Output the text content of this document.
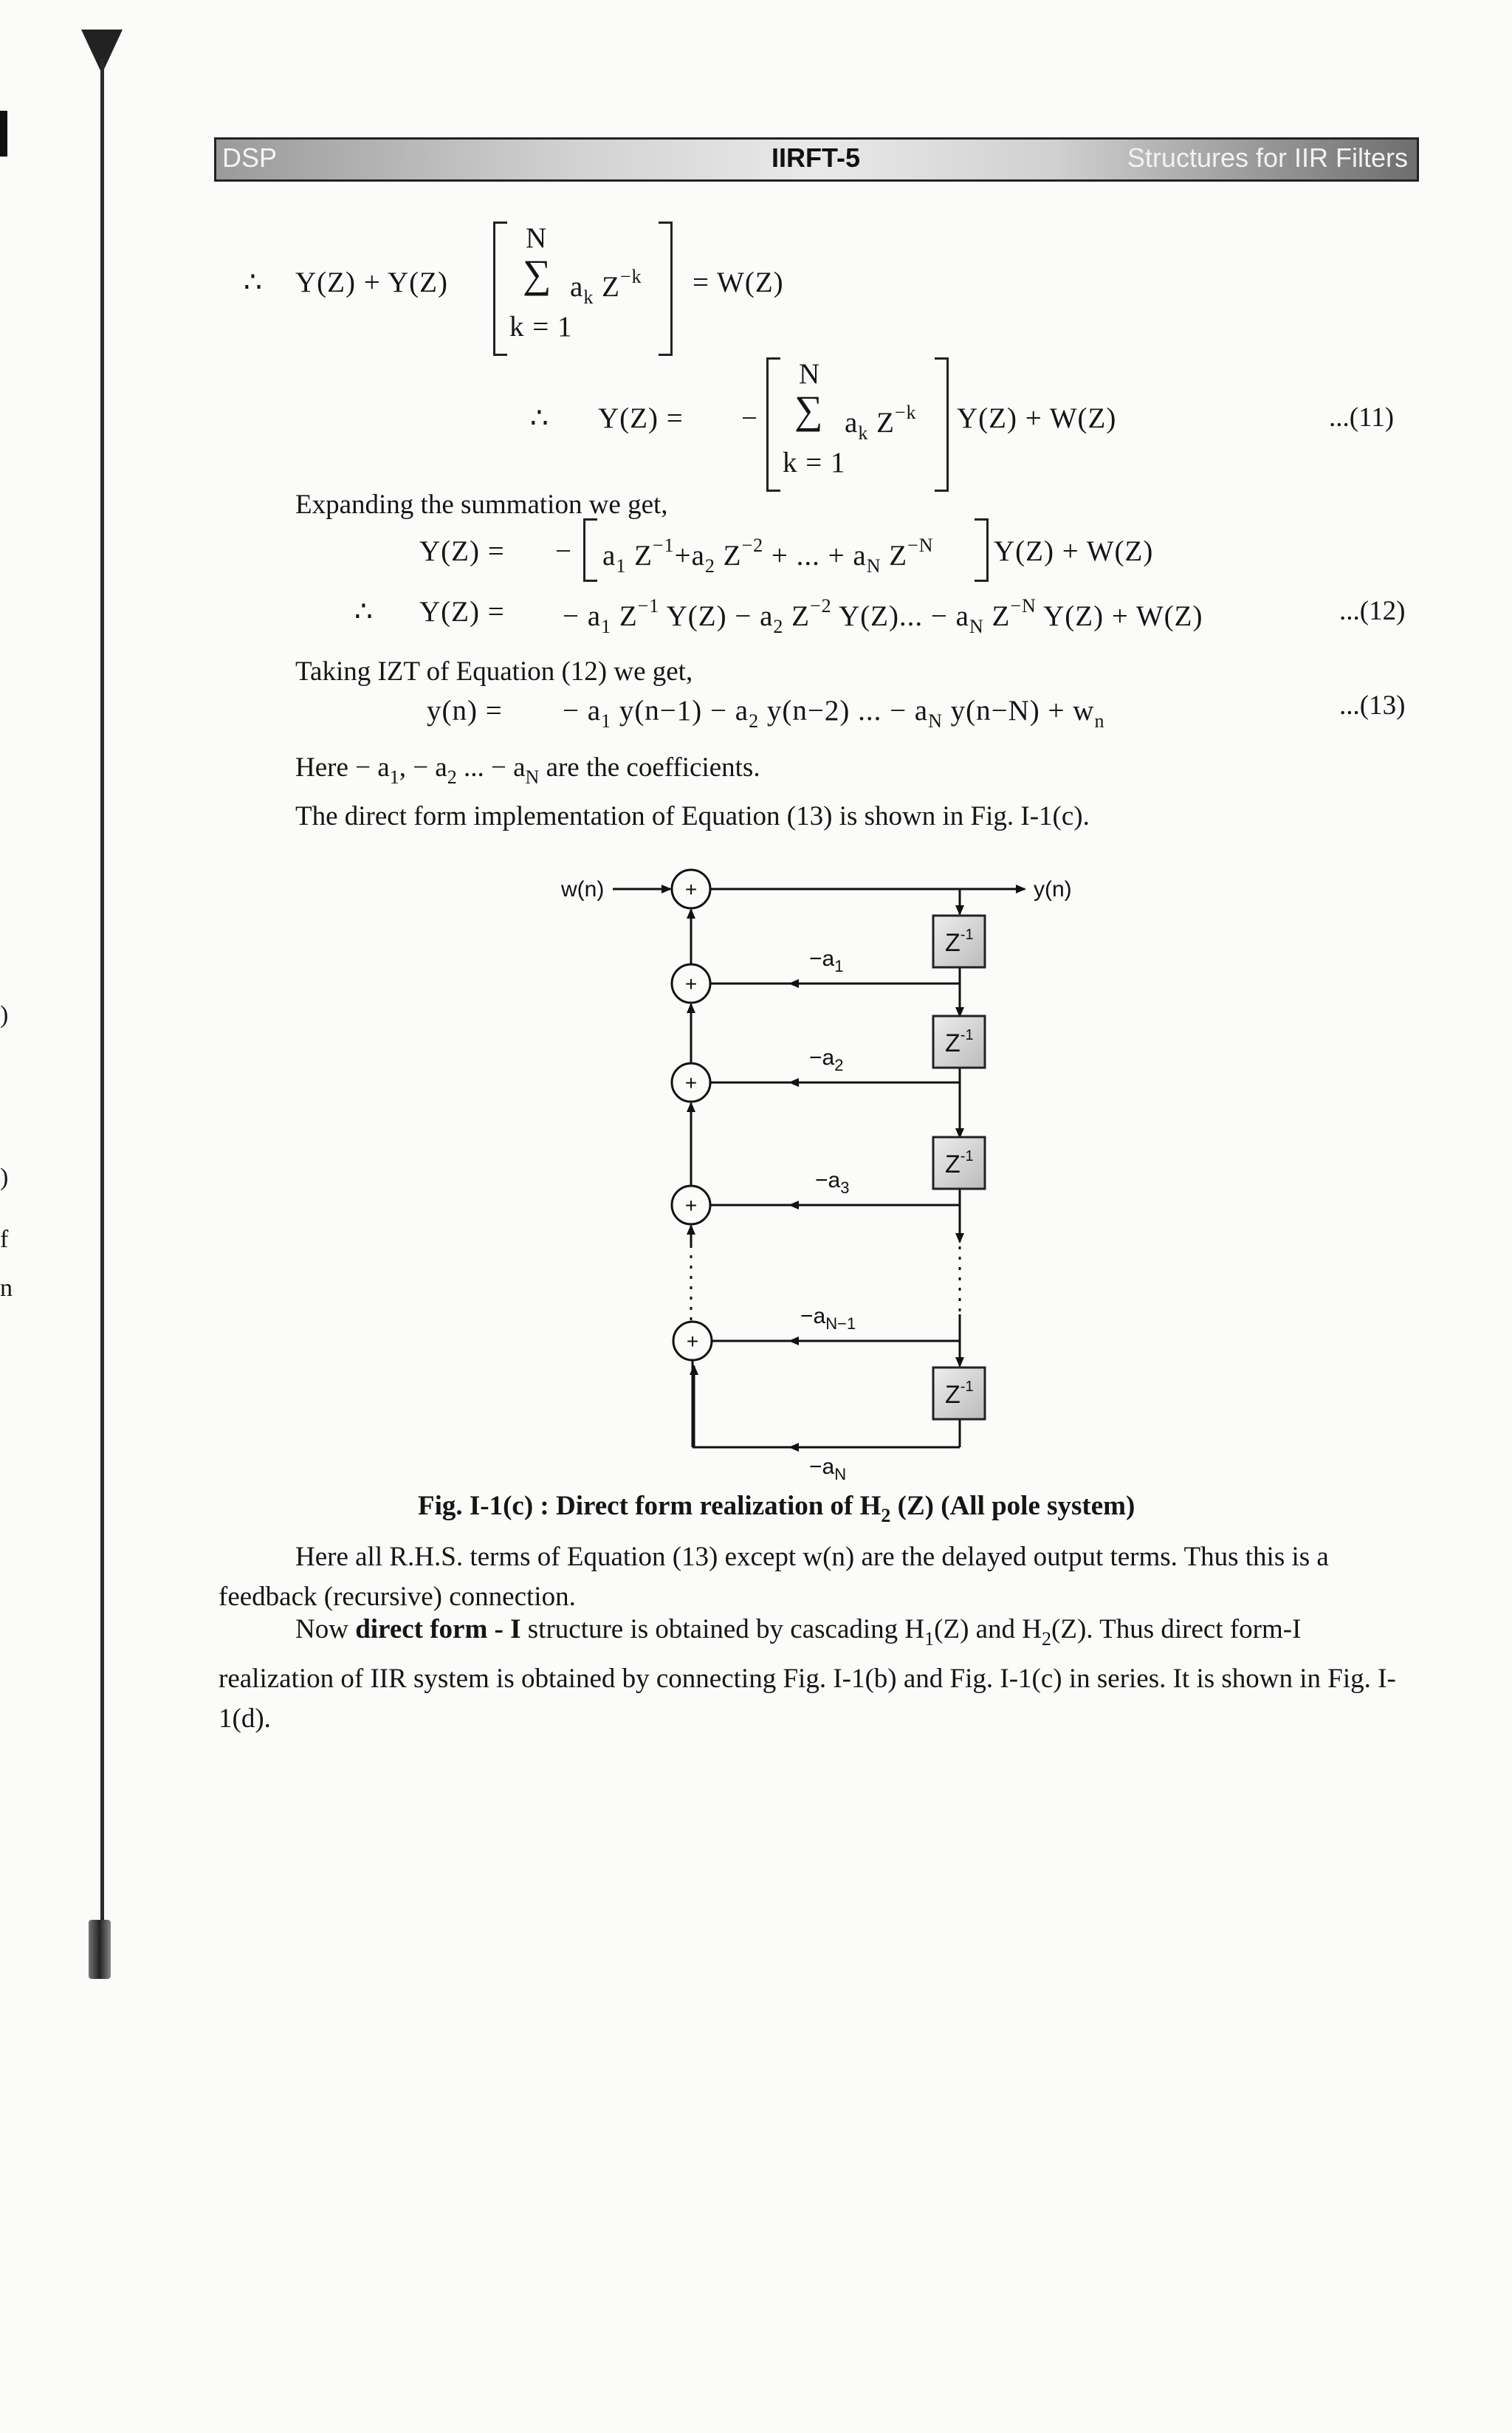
)
)
f
n
DSP	IIRFT-5	Structures for IIR Filters
∴ Y(Z) + Y(Z)
N
∑ $a_k$ $Z^{-k}$
k = 1
= W(Z)
∴ Y(Z) = −
N
∑ $a_k$ $Z^{-k}$
k = 1
Y(Z) + W(Z)	...(11)
Expanding the summation we get,
Y(Z) = − $a_1$ $Z^{-1}+a_2$ $Z^{-2}$ + ... + $a_N$ $Z^{-N}$ Y(Z) + W(Z)
∴ Y(Z) = − $a_1$ $Z^{-1}$ $Y(Z) - a_2$ $Z^{-2}$ Y(Z)... − $a_N$ $Z^{-N}$ Y(Z) + W(Z)	...(12)
Taking IZT of Equation (12) we get,
y(n) = − $a_1$ $y(n-1) - a_2$ y(n−2) ... − $a_N$ $y(n-N) + w_n$
...(13)
Here − $a_1$, − $a_2$ ... − $a_N$ are the coefficients.
The direct form implementation of Equation (13) is shown in Fig. I-1(c).
+
+
+
+
+
$Z^{-1}$
$Z^{-1}$
$Z^{-1}$
$Z^{-1}$
w(n)	y(n)
$-a_1$
$-a_2$
$-a_3$
$-a_{N-1}$
$-a_N$
Fig. I-1(c) : Direct form realization of $H_2$ (Z) (All pole system)

Here all R.H.S. terms of Equation (13) except w(n) are the delayed output terms. Thus this is a feedback (recursive) connection.

Now direct form - I structure is obtained by cascading $H_1(Z)$ and $H_2(Z)$. Thus direct form-I realization of IIR system is obtained by connecting Fig. I-1(b) and Fig. I-1(c) in series. It is shown in Fig. I-1(d).
